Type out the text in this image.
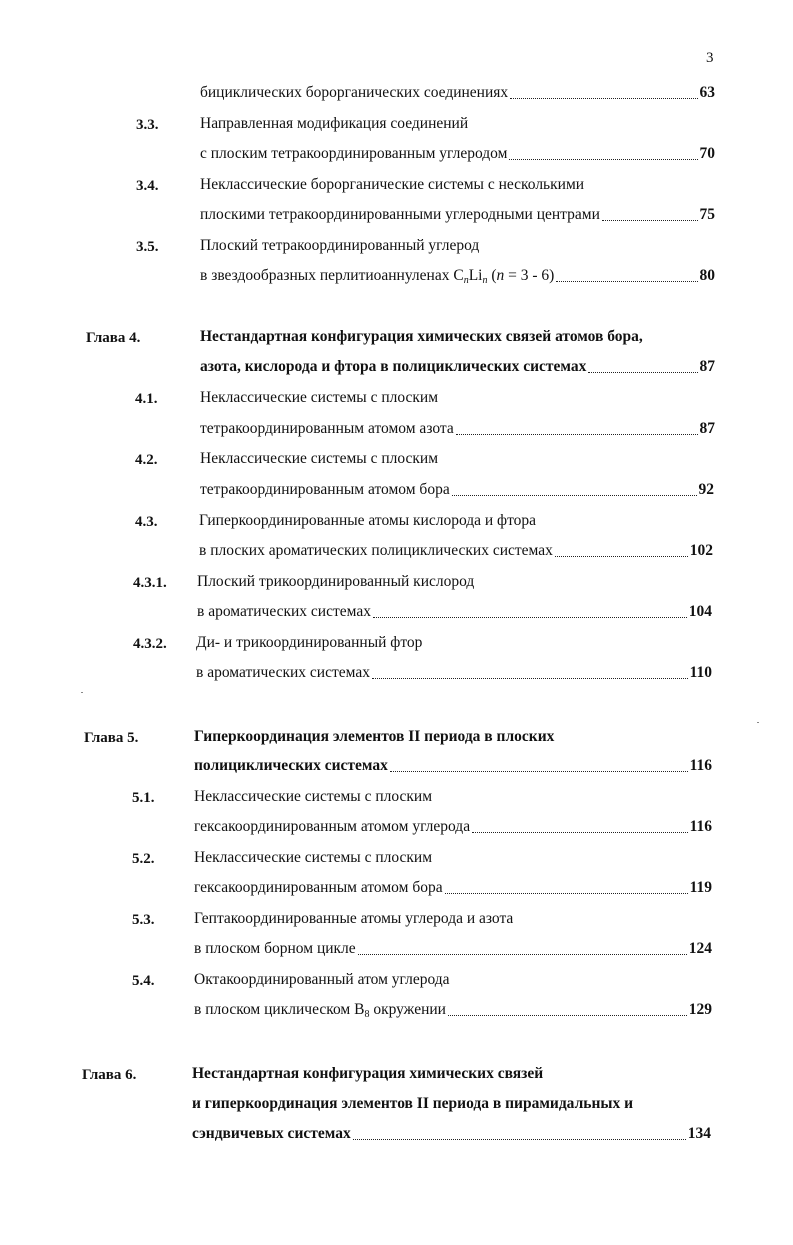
3
бициклических борорганических соединениях	63
3.3.	Направленная модификация соединений
с плоским тетракоординированным углеродом	70
3.4.	Неклассические борорганические системы с несколькими
плоскими тетракоординированными углеродными центрами	75
3.5.	Плоский тетракоординированный углерод
в звездообразных перлитиоаннуленах $C_nLi_n$ (n = 3 - 6)	80
Глава 4.	Нестандартная конфигурация химических связей атомов бора,
азота, кислорода и фтора в полициклических системах	87
4.1.	Неклассические системы с плоским
тетракоординированным атомом азота	87
4.2.	Неклассические системы с плоским
тетракоординированным атомом бора	92
4.3.	Гиперкоординированные атомы кислорода и фтора
в плоских ароматических полициклических системах	102
4.3.1. Плоский трикоординированный кислород
в ароматических системах	104
4.3.2. Ди- и трикоординированный фтор
в ароматических системах	110
Глава 5.	Гиперкоординация элементов II периода в плоских
полициклических системах	116
5.1.	Неклассические системы с плоским
гексакоординированным атомом углерода	116
5.2.	Неклассические системы с плоским
гексакоординированным атомом бора	119
5.3.	Гептакоординированные атомы углерода и азота
в плоском борном цикле	124
5.4.	Октакоординированный атом углерода
в плоском циклическом $B_8$ окружении	129
Глава 6.	Нестандартная конфигурация химических связей
и гиперкоординация элементов II периода в пирамидальных и
сэндвичевых системах	134
